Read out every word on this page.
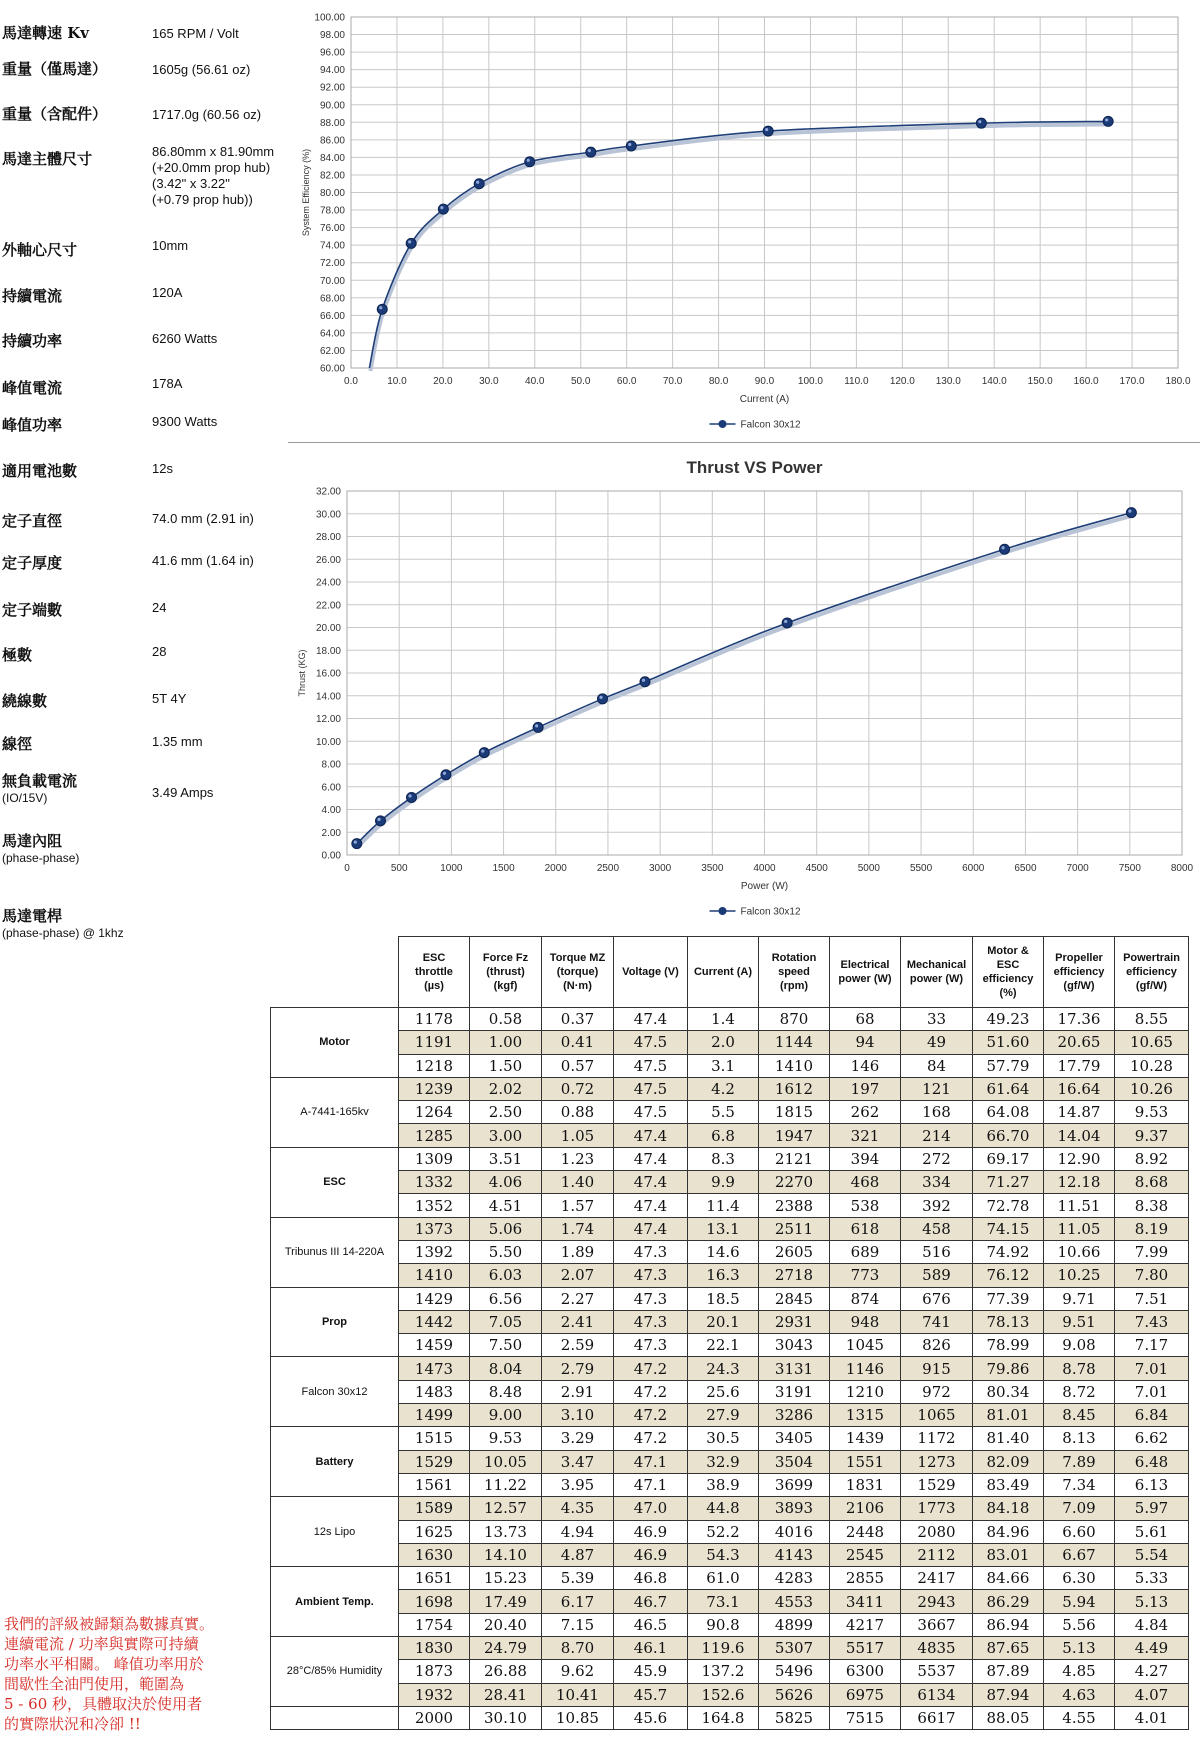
馬達轉速 Kv	165 RPM / Volt
重量（僅馬達）	1605g (56.61 oz)
重量（含配件）	1717.0g (60.56 oz)
馬達主體尺寸	86.80mm x 81.90mm
(+20.0mm prop hub)
(3.42" x 3.22"
(+0.79 prop hub))
外軸心尺寸	10mm
持續電流	120A
持續功率	6260 Watts
峰值電流	178A
峰值功率	9300 Watts
適用電池數	12s
定子直徑	74.0 mm (2.91 in)
定子厚度	41.6 mm (1.64 in)
定子端數	24
極數	28
繞線數	5T 4Y
線徑	1.35 mm
無負載電流
(IO/15V)	3.49 Amps
馬達內阻
(phase-phase)
馬達電桿
(phase-phase) @ 1khz
60.00
62.00
64.00
66.00
68.00
70.00
72.00
74.00
76.00
78.00
80.00
82.00
84.00
86.00
88.00
90.00
92.00
94.00
96.00
98.00
100.00
0.0	10.0	20.0	30.0	40.0	50.0	60.0	70.0	80.0	90.0 100.0 110.0 120.0 130.0 140.0 150.0 160.0 170.0 180.0
Current (A)
System Efficiency (%)
Falcon 30x12
0.00
2.00
4.00
6.00
8.00
10.00
12.00
14.00
16.00
18.00
20.00
22.00
24.00
26.00
28.00
30.00
32.00
0	500	1000	1500	2000	2500	3000	3500	4000	4500	5000	5500	6000	6500	7000	7500	8000
Power (W)
Thrust (KG)
Thrust VS Power
Falcon 30x12
	ESC
throttle
(µs)	Force Fz
(thrust)
(kgf)	Torque MZ
(torque)
(N·m)	Voltage (V)	Current (A)	Rotation
speed
(rpm)	Electrical
power (W)	Mechanical
power (W)	Motor &
ESC
efficiency
(%)	Propeller
efficiency
(gf/W)	Powertrain
efficiency
(gf/W)
Motor	1178	0.58	0.37	47.4	1.4	870	68	33	49.23	17.36	8.55
	1191	1.00	0.41	47.5	2.0	1144	94	49	51.60	20.65	10.65
	1218	1.50	0.57	47.5	3.1	1410	146	84	57.79	17.79	10.28
A-7441-165kv	1239	2.02	0.72	47.5	4.2	1612	197	121	61.64	16.64	10.26
	1264	2.50	0.88	47.5	5.5	1815	262	168	64.08	14.87	9.53
	1285	3.00	1.05	47.4	6.8	1947	321	214	66.70	14.04	9.37
ESC	1309	3.51	1.23	47.4	8.3	2121	394	272	69.17	12.90	8.92
	1332	4.06	1.40	47.4	9.9	2270	468	334	71.27	12.18	8.68
	1352	4.51	1.57	47.4	11.4	2388	538	392	72.78	11.51	8.38
Tribunus III 14-220A	1373	5.06	1.74	47.4	13.1	2511	618	458	74.15	11.05	8.19
	1392	5.50	1.89	47.3	14.6	2605	689	516	74.92	10.66	7.99
	1410	6.03	2.07	47.3	16.3	2718	773	589	76.12	10.25	7.80
Prop	1429	6.56	2.27	47.3	18.5	2845	874	676	77.39	9.71	7.51
	1442	7.05	2.41	47.3	20.1	2931	948	741	78.13	9.51	7.43
	1459	7.50	2.59	47.3	22.1	3043	1045	826	78.99	9.08	7.17
Falcon 30x12	1473	8.04	2.79	47.2	24.3	3131	1146	915	79.86	8.78	7.01
	1483	8.48	2.91	47.2	25.6	3191	1210	972	80.34	8.72	7.01
	1499	9.00	3.10	47.2	27.9	3286	1315	1065	81.01	8.45	6.84
Battery	1515	9.53	3.29	47.2	30.5	3405	1439	1172	81.40	8.13	6.62
	1529	10.05	3.47	47.1	32.9	3504	1551	1273	82.09	7.89	6.48
	1561	11.22	3.95	47.1	38.9	3699	1831	1529	83.49	7.34	6.13
12s Lipo	1589	12.57	4.35	47.0	44.8	3893	2106	1773	84.18	7.09	5.97
	1625	13.73	4.94	46.9	52.2	4016	2448	2080	84.96	6.60	5.61
	1630	14.10	4.87	46.9	54.3	4143	2545	2112	83.01	6.67	5.54
Ambient Temp.	1651	15.23	5.39	46.8	61.0	4283	2855	2417	84.66	6.30	5.33
	1698	17.49	6.17	46.7	73.1	4553	3411	2943	86.29	5.94	5.13
	1754	20.40	7.15	46.5	90.8	4899	4217	3667	86.94	5.56	4.84
28°C/85% Humidity	1830	24.79	8.70	46.1	119.6	5307	5517	4835	87.65	5.13	4.49
	1873	26.88	9.62	45.9	137.2	5496	6300	5537	87.89	4.85	4.27
	1932	28.41	10.41	45.7	152.6	5626	6975	6134	87.94	4.63	4.07
	2000	30.10	10.85	45.6	164.8	5825	7515	6617	88.05	4.55	4.01
我們的評級被歸類為數據真實。
連續電流 / 功率與實際可持續
功率水平相關。 峰值功率用於
間歇性全油門使用，範圍為
5 - 60 秒，具體取決於使用者
的實際狀況和冷卻 !!
